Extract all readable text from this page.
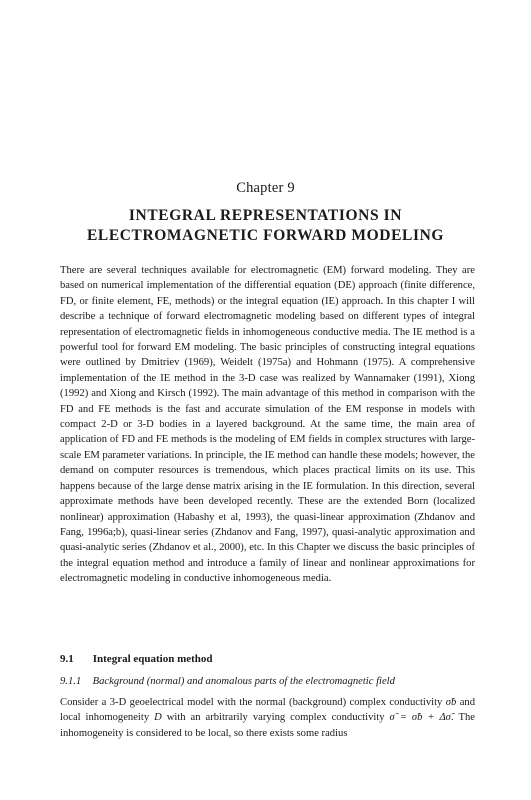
Chapter 9
INTEGRAL REPRESENTATIONS IN
ELECTROMAGNETIC FORWARD MODELING

There are several techniques available for electromagnetic (EM) forward modeling. They are based on numerical implementation of the differential equation (DE) approach (finite difference, FD, or finite element, FE, methods) or the integral equation (IE) approach. In this chapter I will describe a technique of forward electromagnetic modeling based on different types of integral representation of electromagnetic fields in inhomogeneous conductive media. The IE method is a powerful tool for forward EM modeling. The basic principles of constructing integral equations were outlined by Dmitriev (1969), Weidelt (1975a) and Hohmann (1975). A comprehensive implementation of the IE method in the 3-D case was realized by Wannamaker (1991), Xiong (1992) and Xiong and Kirsch (1992). The main advantage of this method in comparison with the FD and FE methods is the fast and accurate simulation of the EM response in models with compact 2-D or 3-D bodies in a layered background. At the same time, the main area of application of FD and FE methods is the modeling of EM fields in complex structures with large-scale EM parameter variations. In principle, the IE method can handle these models; however, the demand on computer resources is tremendous, which places practical limits on its use. This happens because of the large dense matrix arising in the IE formulation. In this direction, several approximate methods have been developed recently. These are the extended Born (localized nonlinear) approximation (Habashy et al, 1993), the quasi-linear approximation (Zhdanov and Fang, 1996a;b), quasi-linear series (Zhdanov and Fang, 1997), quasi-analytic approximation and quasi-analytic series (Zhdanov et al., 2000), etc. In this Chapter we discuss the basic principles of the integral equation method and introduce a family of linear and nonlinear approximations for electromagnetic modeling in conductive inhomogeneous media.

9.1 Integral equation method
9.1.1 Background (normal) and anomalous parts of the electromagnetic field

Consider a 3-D geoelectrical model with the normal (background) complex conductivity σ̃b and local inhomogeneity D with an arbitrarily varying complex conductivity σ̃ = σ̃b + Δσ̃. The inhomogeneity is considered to be local, so there exists some radius
